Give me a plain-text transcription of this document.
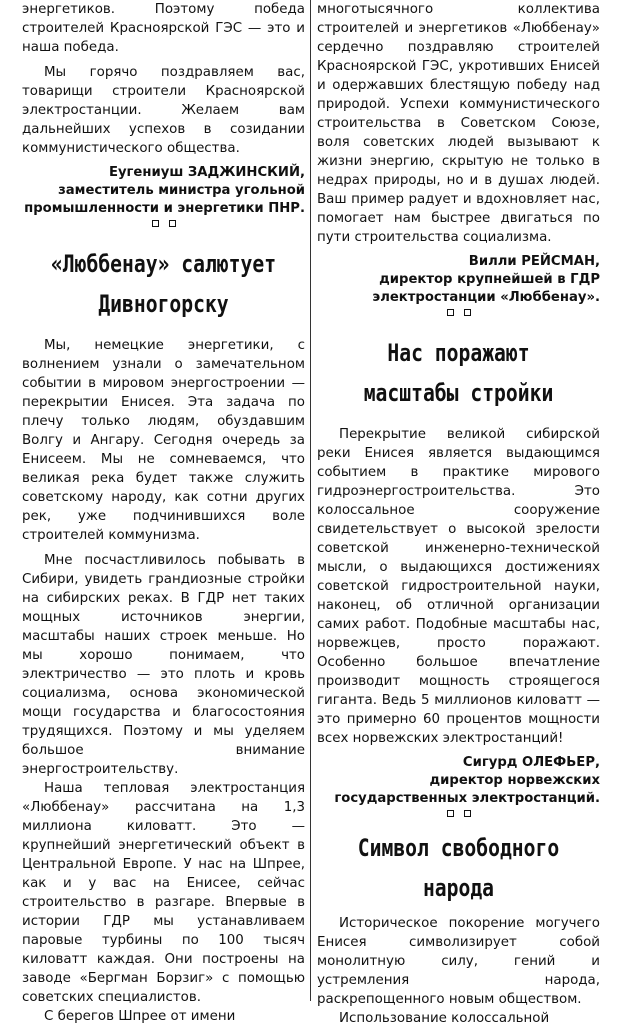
энергетиков. Поэтому победа строителей Красноярской ГЭС — это и наша победа.

Мы горячо поздравляем вас, товарищи строители Красноярской электростанции. Желаем вам дальнейших успехов в созидании коммунистического общества.

Еугениуш ЗАДЖИНСКИЙ,
заместитель министра угольной промышленности и энергетики ПНР.

«Люббенау» салютует Дивногорску

Мы, немецкие энергетики, с волнением узнали о замечательном событии в мировом энергостроении — перекрытии Енисея. Эта задача по плечу только людям, обуздавшим Волгу и Ангару. Сегодня очередь за Енисеем. Мы не сомневаемся, что великая река будет также служить советскому народу, как сотни других рек, уже подчинившихся воле строителей коммунизма.

Мне посчастливилось побывать в Сибири, увидеть грандиозные стройки на сибирских реках. В ГДР нет таких мощных источников энергии, масштабы наших строек меньше. Но мы хорошо понимаем, что электричество — это плоть и кровь социализма, основа экономической мощи государства и благосостояния трудящихся. Поэтому и мы уделяем большое внимание энергостроительству.

Наша тепловая электростанция «Люббенау» рассчитана на 1,3 миллиона киловатт. Это — крупнейший энергетический объект в Центральной Европе. У нас на Шпрее, как и у вас на Енисее, сейчас строительство в разгаре. Впервые в истории ГДР мы устанавливаем паровые турбины по 100 тысяч киловатт каждая. Они построены на заводе «Бергман Борзиг» с помощью советских специалистов.

С берегов Шпрее от имени

многотысячного коллектива строителей и энергетиков «Люббенау» сердечно поздравляю строителей Красноярской ГЭС, укротивших Енисей и одержавших блестящую победу над природой. Успехи коммунистического строительства в Советском Союзе, воля советских людей вызывают к жизни энергию, скрытую не только в недрах природы, но и в душах людей. Ваш пример радует и вдохновляет нас, помогает нам быстрее двигаться по пути строительства социализма.

Вилли РЕЙСМАН,
директор крупнейшей в ГДР электростанции «Люббенау».

Нас поражают масштабы стройки

Перекрытие великой сибирской реки Енисея является выдающимся событием в практике мирового гидроэнергостроительства. Это колоссальное сооружение свидетельствует о высокой зрелости советской инженерно-технической мысли, о выдающихся достижениях советской гидростроительной науки, наконец, об отличной организации самих работ. Подобные масштабы нас, норвежцев, просто поражают. Особенно большое впечатление производит мощность строящегося гиганта. Ведь 5 миллионов киловатт — это примерно 60 процентов мощности всех норвежских электростанций!

Сигурд ОЛЕФЬЕР,
директор норвежских государственных электростанций.

Символ свободного народа

Историческое покорение могучего Енисея символизирует собой монолитную силу, гений и устремления народа, раскрепощенного новым обществом.

Использование колоссальной
